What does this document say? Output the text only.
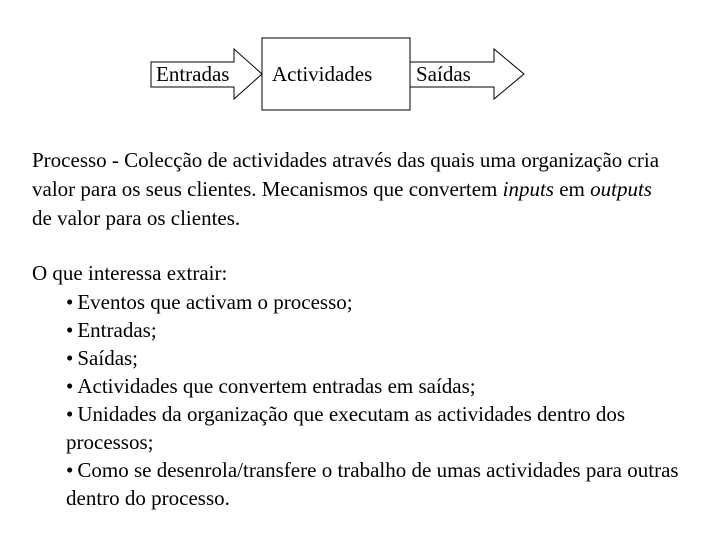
Entradas Actividades Saídas

Processo - Colecção de actividades através das quais uma organização cria valor para os seus clientes. Mecanismos que convertem inputs em outputs de valor para os clientes.

O que interessa extrair:

• Eventos que activam o processo;
• Entradas;
• Saídas;
• Actividades que convertem entradas em saídas;
• Unidades da organização que executam as actividades dentro dos processos;
• Como se desenrola/transfere o trabalho de umas actividades para outras dentro do processo.
